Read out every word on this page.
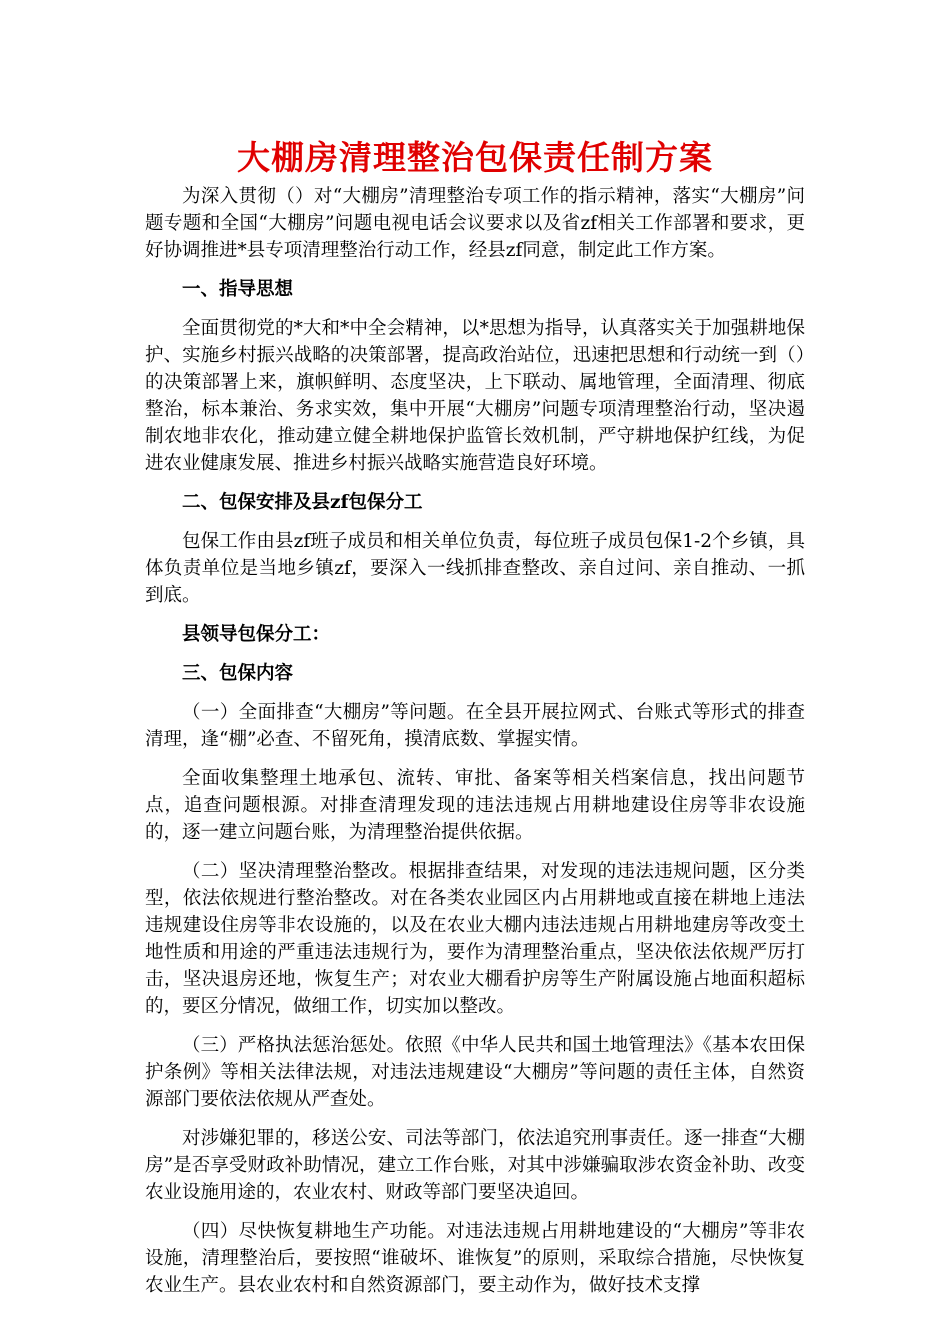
大棚房清理整治包保责任制方案

为深入贯彻（）对“大棚房”清理整治专项工作的指示精神，落实“大棚房”问题专题和全国“大棚房”问题电视电话会议要求以及省zf相关工作部署和要求，更好协调推进*县专项清理整治行动工作，经县zf同意，制定此工作方案。

一、指导思想

全面贯彻党的*大和*中全会精神，以*思想为指导，认真落实关于加强耕地保护、实施乡村振兴战略的决策部署，提高政治站位，迅速把思想和行动统一到（）的决策部署上来，旗帜鲜明、态度坚决，上下联动、属地管理，全面清理、彻底整治，标本兼治、务求实效，集中开展“大棚房”问题专项清理整治行动，坚决遏制农地非农化，推动建立健全耕地保护监管长效机制，严守耕地保护红线，为促进农业健康发展、推进乡村振兴战略实施营造良好环境。

二、包保安排及县zf包保分工

包保工作由县zf班子成员和相关单位负责，每位班子成员包保1-2个乡镇，具体负责单位是当地乡镇zf，要深入一线抓排查整改、亲自过问、亲自推动、一抓到底。

县领导包保分工：

三、包保内容

（一）全面排查“大棚房”等问题。在全县开展拉网式、台账式等形式的排查清理，逢“棚”必查、不留死角，摸清底数、掌握实情。

全面收集整理土地承包、流转、审批、备案等相关档案信息，找出问题节点，追查问题根源。对排查清理发现的违法违规占用耕地建设住房等非农设施的，逐一建立问题台账，为清理整治提供依据。

（二）坚决清理整治整改。根据排查结果，对发现的违法违规问题，区分类型，依法依规进行整治整改。对在各类农业园区内占用耕地或直接在耕地上违法违规建设住房等非农设施的，以及在农业大棚内违法违规占用耕地建房等改变土地性质和用途的严重违法违规行为，要作为清理整治重点，坚决依法依规严厉打击，坚决退房还地，恢复生产；对农业大棚看护房等生产附属设施占地面积超标的，要区分情况，做细工作，切实加以整改。

（三）严格执法惩治惩处。依照《中华人民共和国土地管理法》《基本农田保护条例》等相关法律法规，对违法违规建设“大棚房”等问题的责任主体，自然资源部门要依法依规从严查处。

对涉嫌犯罪的，移送公安、司法等部门，依法追究刑事责任。逐一排查“大棚房”是否享受财政补助情况，建立工作台账，对其中涉嫌骗取涉农资金补助、改变农业设施用途的，农业农村、财政等部门要坚决追回。

（四）尽快恢复耕地生产功能。对违法违规占用耕地建设的“大棚房”等非农设施，清理整治后，要按照“谁破坏、谁恢复”的原则，采取综合措施，尽快恢复农业生产。县农业农村和自然资源部门，要主动作为，做好技术支撑
